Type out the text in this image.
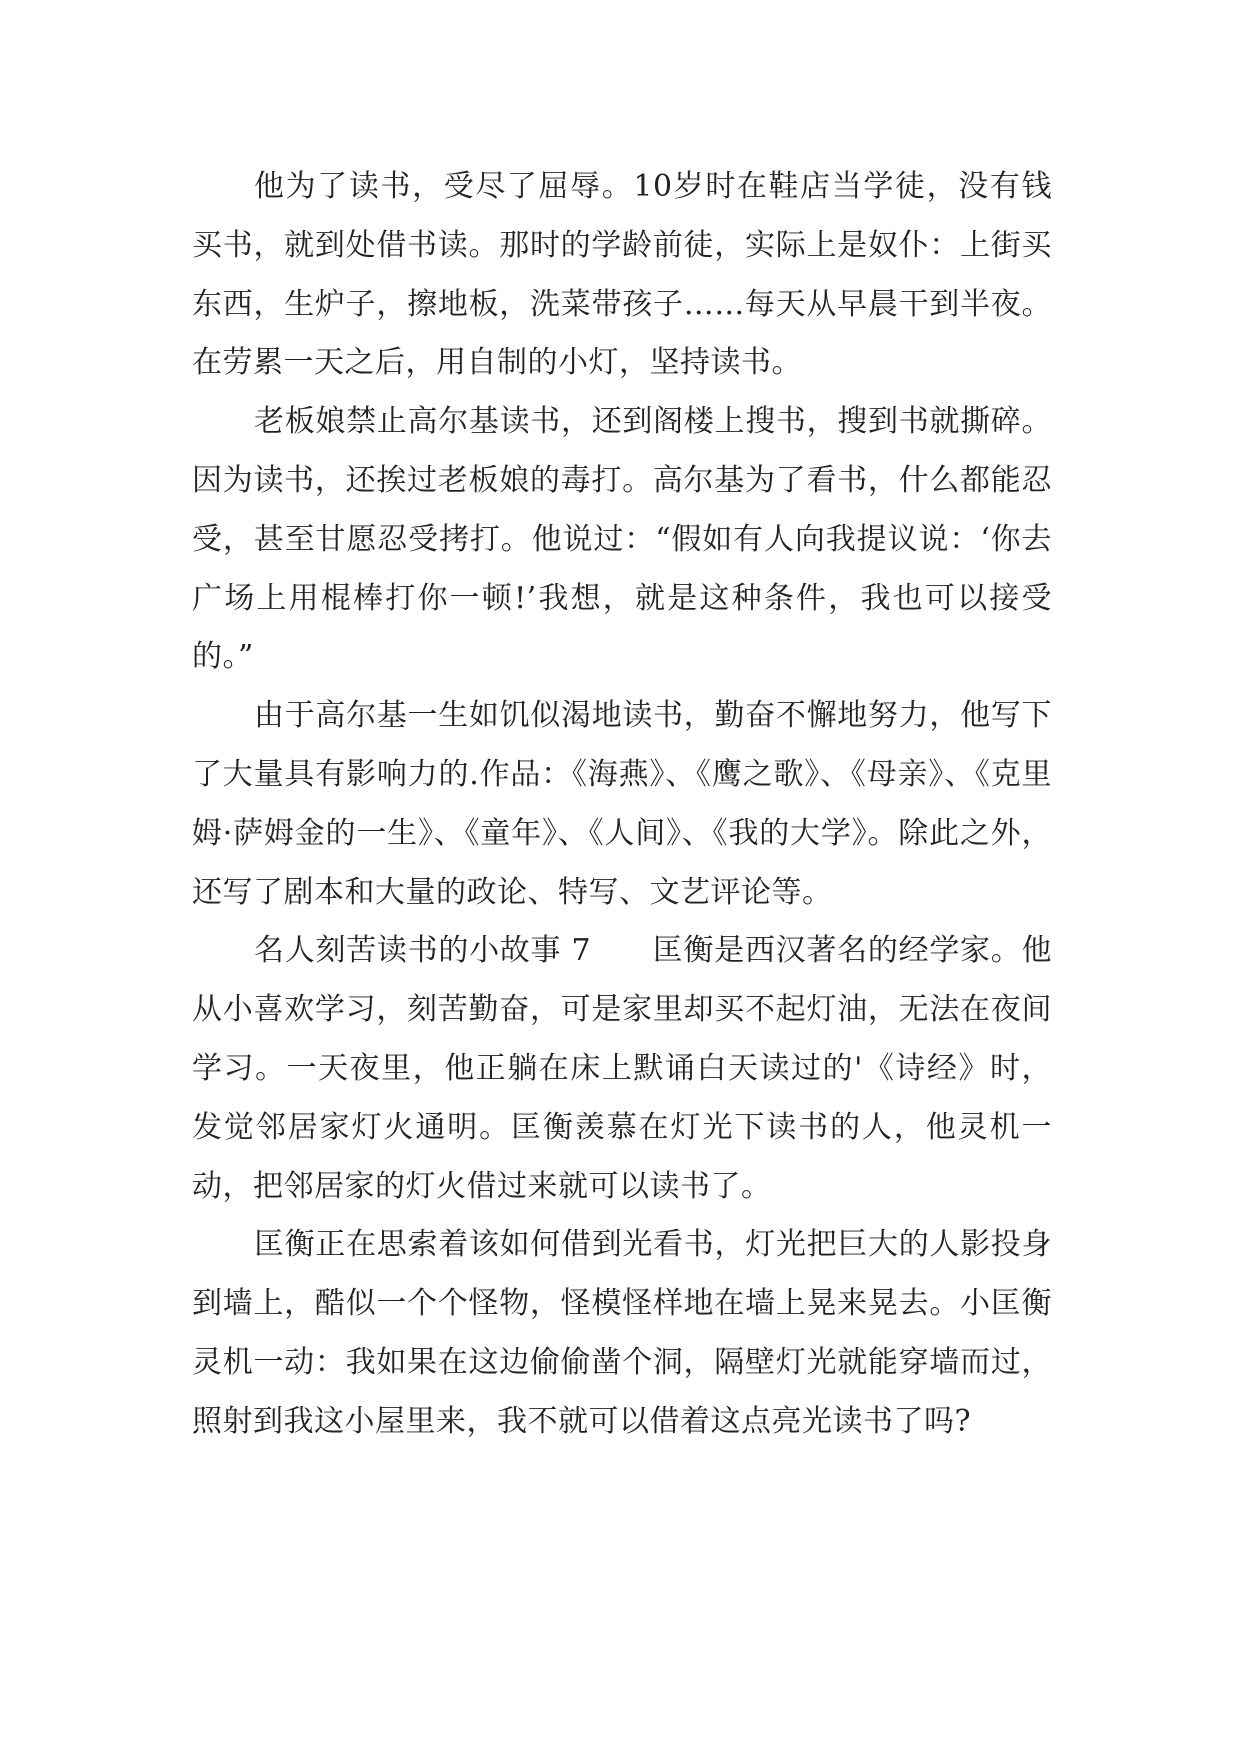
他为了读书，受尽了屈辱。10岁时在鞋店当学徒，没有钱买书，就到处借书读。那时的学龄前徒，实际上是奴仆：上街买东西，生炉子，擦地板，洗菜带孩子……每天从早晨干到半夜。在劳累一天之后，用自制的小灯，坚持读书。

老板娘禁止高尔基读书，还到阁楼上搜书，搜到书就撕碎。因为读书，还挨过老板娘的毒打。高尔基为了看书，什么都能忍受，甚至甘愿忍受拷打。他说过：“假如有人向我提议说：‘你去广场上用棍棒打你一顿!’我想，就是这种条件，我也可以接受的。”

由于高尔基一生如饥似渴地读书，勤奋不懈地努力，他写下了大量具有影响力的.作品：《海燕》、《鹰之歌》、《母亲》、《克里姆·萨姆金的一生》、《童年》、《人间》、《我的大学》。除此之外，还写了剧本和大量的政论、特写、文艺评论等。

名人刻苦读书的小故事 7　　匡衡是西汉著名的经学家。他从小喜欢学习，刻苦勤奋，可是家里却买不起灯油，无法在夜间学习。一天夜里，他正躺在床上默诵白天读过的'《诗经》时，发觉邻居家灯火通明。匡衡羡慕在灯光下读书的人，他灵机一动，把邻居家的灯火借过来就可以读书了。

匡衡正在思索着该如何借到光看书，灯光把巨大的人影投身到墙上，酷似一个个怪物，怪模怪样地在墙上晃来晃去。小匡衡灵机一动：我如果在这边偷偷凿个洞，隔壁灯光就能穿墙而过，照射到我这小屋里来，我不就可以借着这点亮光读书了吗?
